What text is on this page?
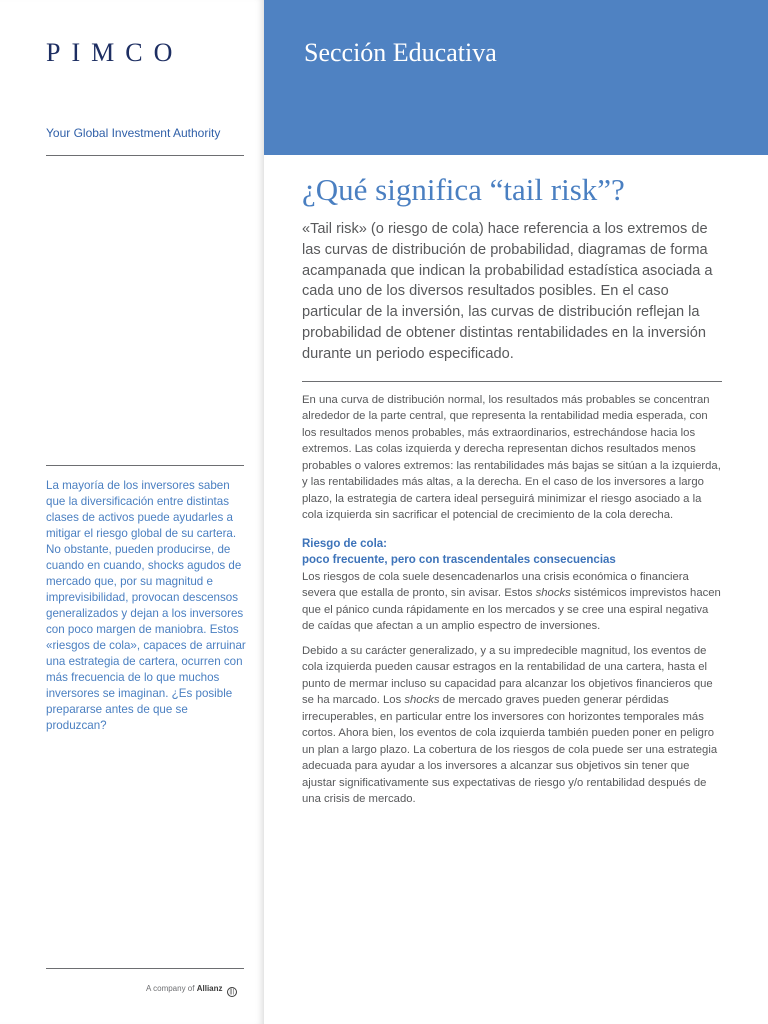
PIMCO
Your Global Investment Authority
La mayoría de los inversores saben que la diversificación entre distintas clases de activos puede ayudarles a mitigar el riesgo global de su cartera. No obstante, pueden producirse, de cuando en cuando, shocks agudos de mercado que, por su magnitud e imprevisibilidad, provocan descensos generalizados y dejan a los inversores con poco margen de maniobra. Estos «riesgos de cola», capaces de arruinar una estrategia de cartera, ocurren con más frecuencia de lo que muchos inversores se imaginan. ¿Es posible prepararse antes de que se produzcan?
A company of Allianz |||
Sección Educativa
¿Qué significa “tail risk”?

«Tail risk» (o riesgo de cola) hace referencia a los extremos de las curvas de distribución de probabilidad, diagramas de forma acampanada que indican la probabilidad estadística asociada a cada uno de los diversos resultados posibles. En el caso particular de la inversión, las curvas de distribución reflejan la probabilidad de obtener distintas rentabilidades en la inversión durante un periodo especificado.

En una curva de distribución normal, los resultados más probables se concentran alrededor de la parte central, que representa la rentabilidad media esperada, con los resultados menos probables, más extraordinarios, estrechándose hacia los extremos. Las colas izquierda y derecha representan dichos resultados menos probables o valores extremos: las rentabilidades más bajas se sitúan a la izquierda, y las rentabilidades más altas, a la derecha. En el caso de los inversores a largo plazo, la estrategia de cartera ideal perseguirá minimizar el riesgo asociado a la cola izquierda sin sacrificar el potencial de crecimiento de la cola derecha.

Riesgo de cola:
poco frecuente, pero con trascendentales consecuencias

Los riesgos de cola suele desencadenarlos una crisis económica o financiera severa que estalla de pronto, sin avisar. Estos shocks sistémicos imprevistos hacen que el pánico cunda rápidamente en los mercados y se cree una espiral negativa de caídas que afectan a un amplio espectro de inversiones.

Debido a su carácter generalizado, y a su impredecible magnitud, los eventos de cola izquierda pueden causar estragos en la rentabilidad de una cartera, hasta el punto de mermar incluso su capacidad para alcanzar los objetivos financieros que se ha marcado. Los shocks de mercado graves pueden generar pérdidas irrecuperables, en particular entre los inversores con horizontes temporales más cortos. Ahora bien, los eventos de cola izquierda también pueden poner en peligro un plan a largo plazo. La cobertura de los riesgos de cola puede ser una estrategia adecuada para ayudar a los inversores a alcanzar sus objetivos sin tener que ajustar significativamente sus expectativas de riesgo y/o rentabilidad después de una crisis de mercado.
